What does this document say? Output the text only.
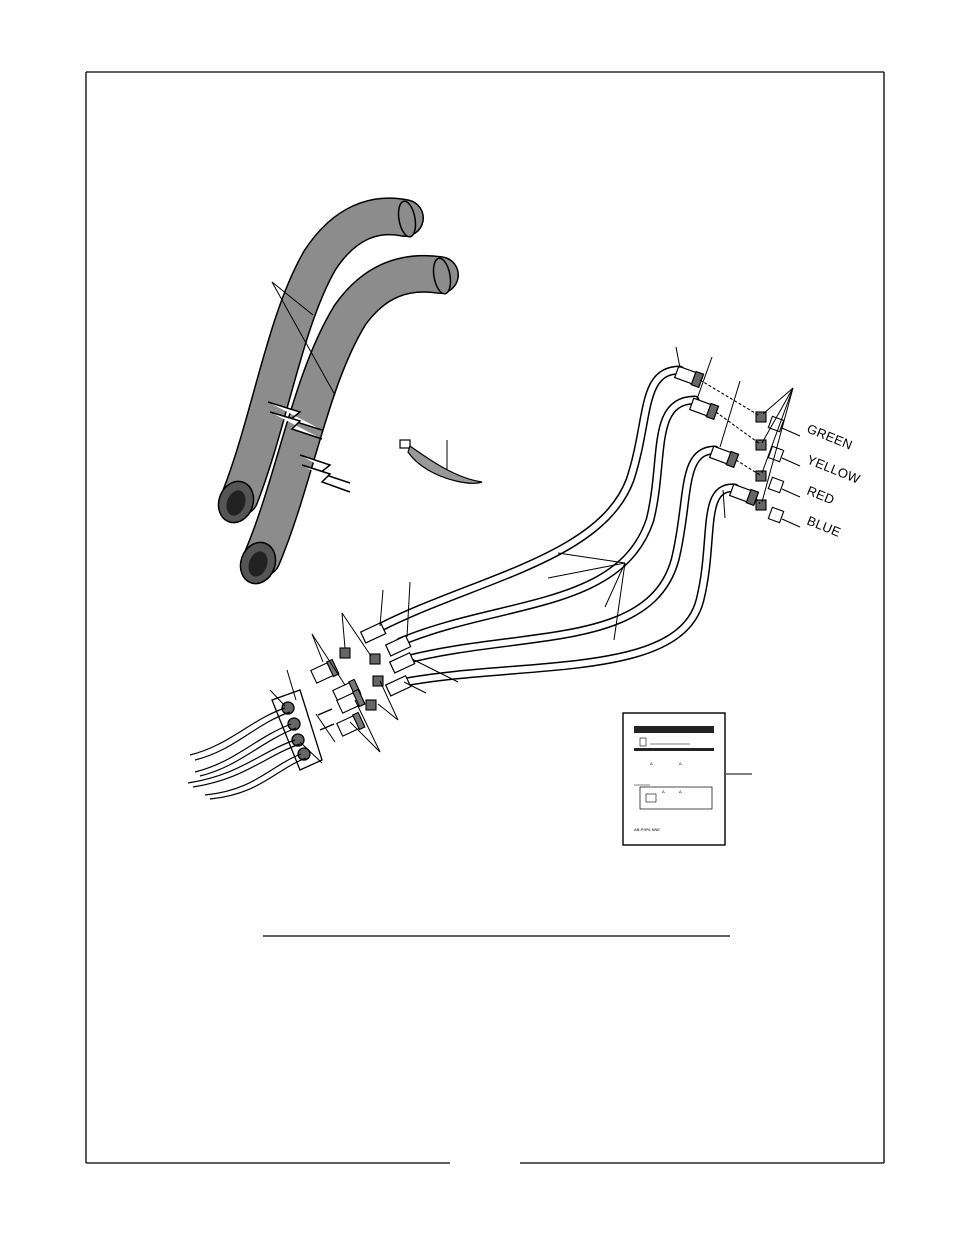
GREEN
YELLOW
RED
BLUE
Δ	Δ
Δ	Δ
AB-P9P6 NNE
